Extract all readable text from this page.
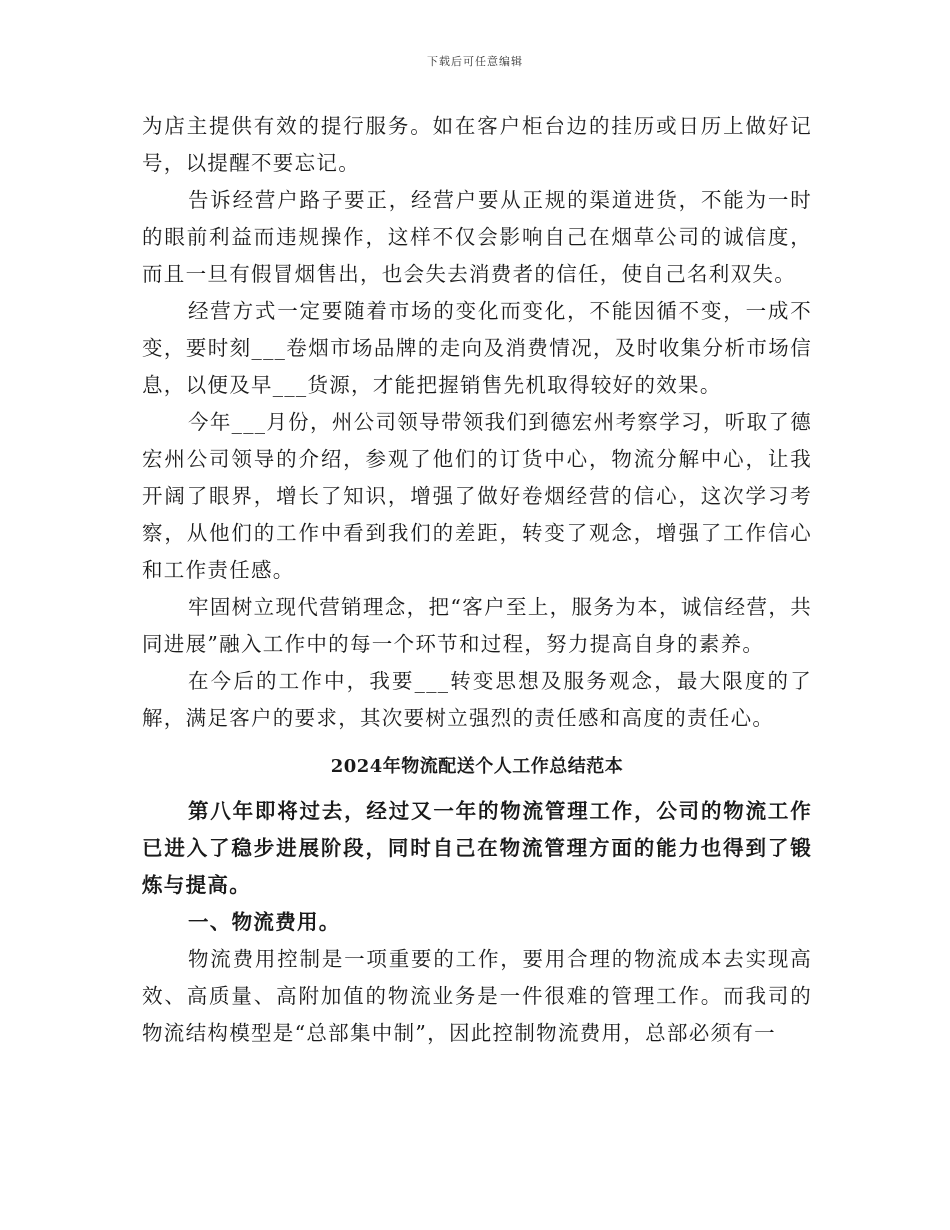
下载后可任意编辑

为店主提供有效的提行服务。如在客户柜台边的挂历或日历上做好记号，以提醒不要忘记。

告诉经营户路子要正，经营户要从正规的渠道进货，不能为一时的眼前利益而违规操作，这样不仅会影响自己在烟草公司的诚信度，而且一旦有假冒烟售出，也会失去消费者的信任，使自己名利双失。

经营方式一定要随着市场的变化而变化，不能因循不变，一成不变，要时刻___卷烟市场品牌的走向及消费情况，及时收集分析市场信息，以便及早___货源，才能把握销售先机取得较好的效果。

今年___月份，州公司领导带领我们到德宏州考察学习，听取了德宏州公司领导的介绍，参观了他们的订货中心，物流分解中心，让我开阔了眼界，增长了知识，增强了做好卷烟经营的信心，这次学习考察，从他们的工作中看到我们的差距，转变了观念，增强了工作信心和工作责任感。

牢固树立现代营销理念，把“客户至上，服务为本，诚信经营，共同进展”融入工作中的每一个环节和过程，努力提高自身的素养。

在今后的工作中，我要___转变思想及服务观念，最大限度的了解，满足客户的要求，其次要树立强烈的责任感和高度的责任心。

2024年物流配送个人工作总结范本

第八年即将过去，经过又一年的物流管理工作，公司的物流工作已进入了稳步进展阶段，同时自己在物流管理方面的能力也得到了锻炼与提高。

一、物流费用。

物流费用控制是一项重要的工作，要用合理的物流成本去实现高效、高质量、高附加值的物流业务是一件很难的管理工作。而我司的物流结构模型是“总部集中制”，因此控制物流费用，总部必须有一
